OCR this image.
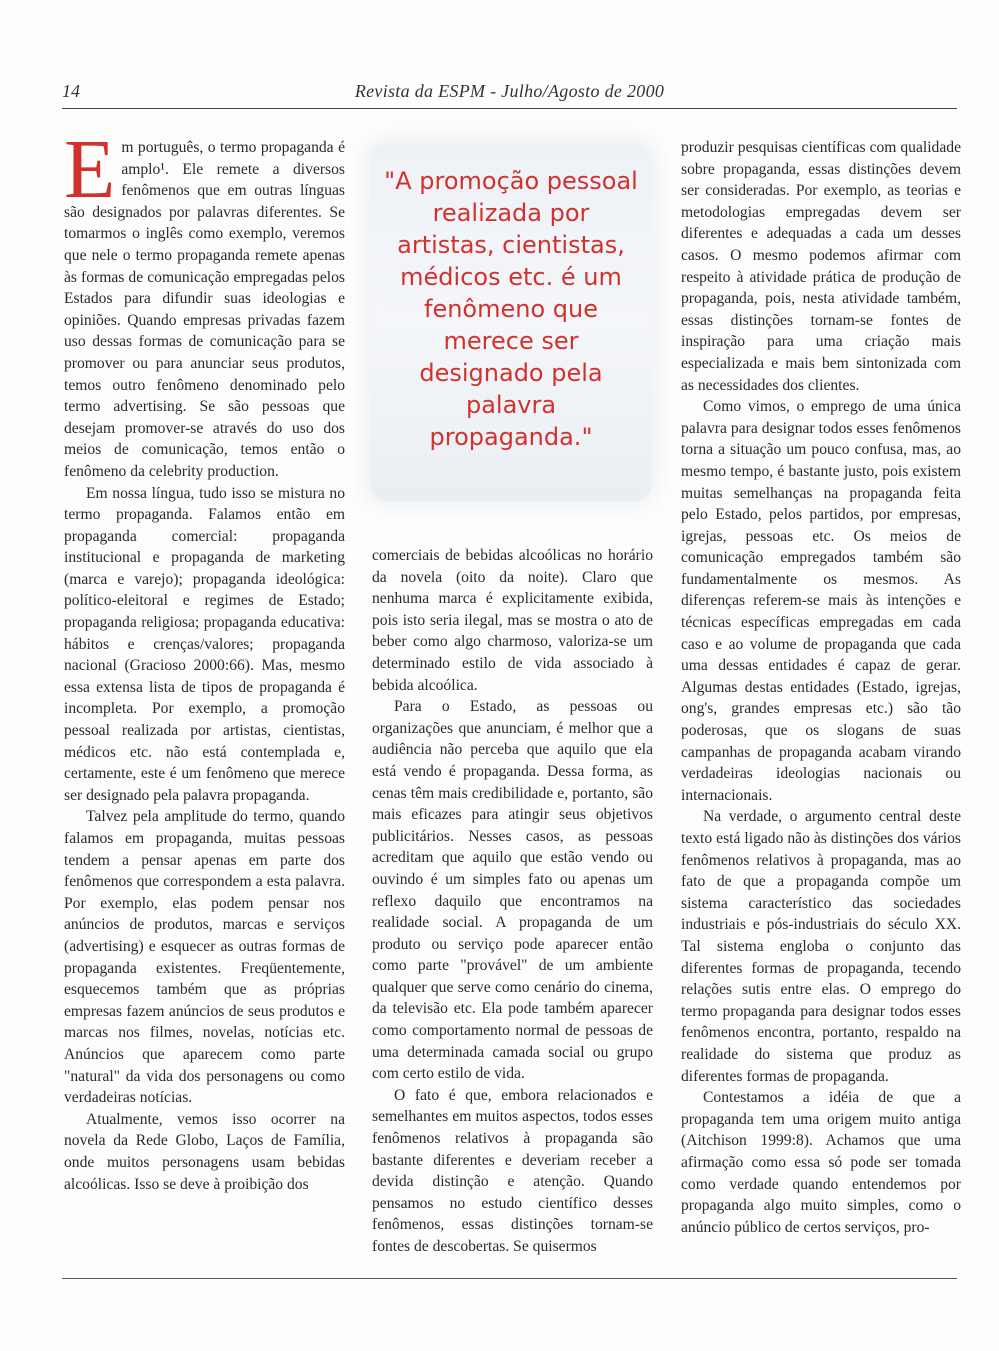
14	Revista da ESPM - Julho/Agosto de 2000

Em português, o termo propaganda é amplo¹. Ele remete a diversos fenômenos que em outras línguas são designados por palavras diferentes. Se tomarmos o inglês como exemplo, veremos que nele o termo propaganda remete apenas às formas de comunicação empregadas pelos Estados para difundir suas ideologias e opiniões. Quando empresas privadas fazem uso dessas formas de comunicação para se promover ou para anunciar seus produtos, temos outro fenômeno denominado pelo termo advertising. Se são pessoas que desejam promover-se através do uso dos meios de comunicação, temos então o fenômeno da celebrity production.

Em nossa língua, tudo isso se mistura no termo propaganda. Falamos então em propaganda comercial: propaganda institucional e propaganda de marketing (marca e varejo); propaganda ideológica: político-eleitoral e regimes de Estado; propaganda religiosa; propaganda educativa: hábitos e crenças/valores; propaganda nacional (Gracioso 2000:66). Mas, mesmo essa extensa lista de tipos de propaganda é incompleta. Por exemplo, a promoção pessoal realizada por artistas, cientistas, médicos etc. não está contemplada e, certamente, este é um fenômeno que merece ser designado pela palavra propaganda.

Talvez pela amplitude do termo, quando falamos em propaganda, muitas pessoas tendem a pensar apenas em parte dos fenômenos que correspondem a esta palavra. Por exemplo, elas podem pensar nos anúncios de produtos, marcas e serviços (advertising) e esquecer as outras formas de propaganda existentes. Freqüentemente, esquecemos também que as próprias empresas fazem anúncios de seus produtos e marcas nos filmes, novelas, notícias etc. Anúncios que aparecem como parte "natural" da vida dos personagens ou como verdadeiras notícias.

Atualmente, vemos isso ocorrer na novela da Rede Globo, Laços de Família, onde muitos personagens usam bebidas alcoólicas. Isso se deve à proibição dos

"A promoção pessoal realizada por artistas, cientistas, médicos etc. é um fenômeno que merece ser designado pela palavra propaganda."

comerciais de bebidas alcoólicas no horário da novela (oito da noite). Claro que nenhuma marca é explicitamente exibida, pois isto seria ilegal, mas se mostra o ato de beber como algo charmoso, valoriza-se um determinado estilo de vida associado à bebida alcoólica.

Para o Estado, as pessoas ou organizações que anunciam, é melhor que a audiência não perceba que aquilo que ela está vendo é propaganda. Dessa forma, as cenas têm mais credibilidade e, portanto, são mais eficazes para atingir seus objetivos publicitários. Nesses casos, as pessoas acreditam que aquilo que estão vendo ou ouvindo é um simples fato ou apenas um reflexo daquilo que encontramos na realidade social. A propaganda de um produto ou serviço pode aparecer então como parte "provável" de um ambiente qualquer que serve como cenário do cinema, da televisão etc. Ela pode também aparecer como comportamento normal de pessoas de uma determinada camada social ou grupo com certo estilo de vida.

O fato é que, embora relacionados e semelhantes em muitos aspectos, todos esses fenômenos relativos à propaganda são bastante diferentes e deveriam receber a devida distinção e atenção. Quando pensamos no estudo científico desses fenômenos, essas distinções tornam-se fontes de descobertas. Se quisermos

produzir pesquisas científicas com qualidade sobre propaganda, essas distinções devem ser consideradas. Por exemplo, as teorias e metodologias empregadas devem ser diferentes e adequadas a cada um desses casos. O mesmo podemos afirmar com respeito à atividade prática de produção de propaganda, pois, nesta atividade também, essas distinções tornam-se fontes de inspiração para uma criação mais especializada e mais bem sintonizada com as necessidades dos clientes.

Como vimos, o emprego de uma única palavra para designar todos esses fenômenos torna a situação um pouco confusa, mas, ao mesmo tempo, é bastante justo, pois existem muitas semelhanças na propaganda feita pelo Estado, pelos partidos, por empresas, igrejas, pessoas etc. Os meios de comunicação empregados também são fundamentalmente os mesmos. As diferenças referem-se mais às intenções e técnicas específicas empregadas em cada caso e ao volume de propaganda que cada uma dessas entidades é capaz de gerar. Algumas destas entidades (Estado, igrejas, ong's, grandes empresas etc.) são tão poderosas, que os slogans de suas campanhas de propaganda acabam virando verdadeiras ideologias nacionais ou internacionais.

Na verdade, o argumento central deste texto está ligado não às distinções dos vários fenômenos relativos à propaganda, mas ao fato de que a propaganda compõe um sistema característico das sociedades industriais e pós-industriais do século XX. Tal sistema engloba o conjunto das diferentes formas de propaganda, tecendo relações sutis entre elas. O emprego do termo propaganda para designar todos esses fenômenos encontra, portanto, respaldo na realidade do sistema que produz as diferentes formas de propaganda.

Contestamos a idéia de que a propaganda tem uma origem muito antiga (Aitchison 1999:8). Achamos que uma afirmação como essa só pode ser tomada como verdade quando entendemos por propaganda algo muito simples, como o anúncio público de certos serviços, pro-
